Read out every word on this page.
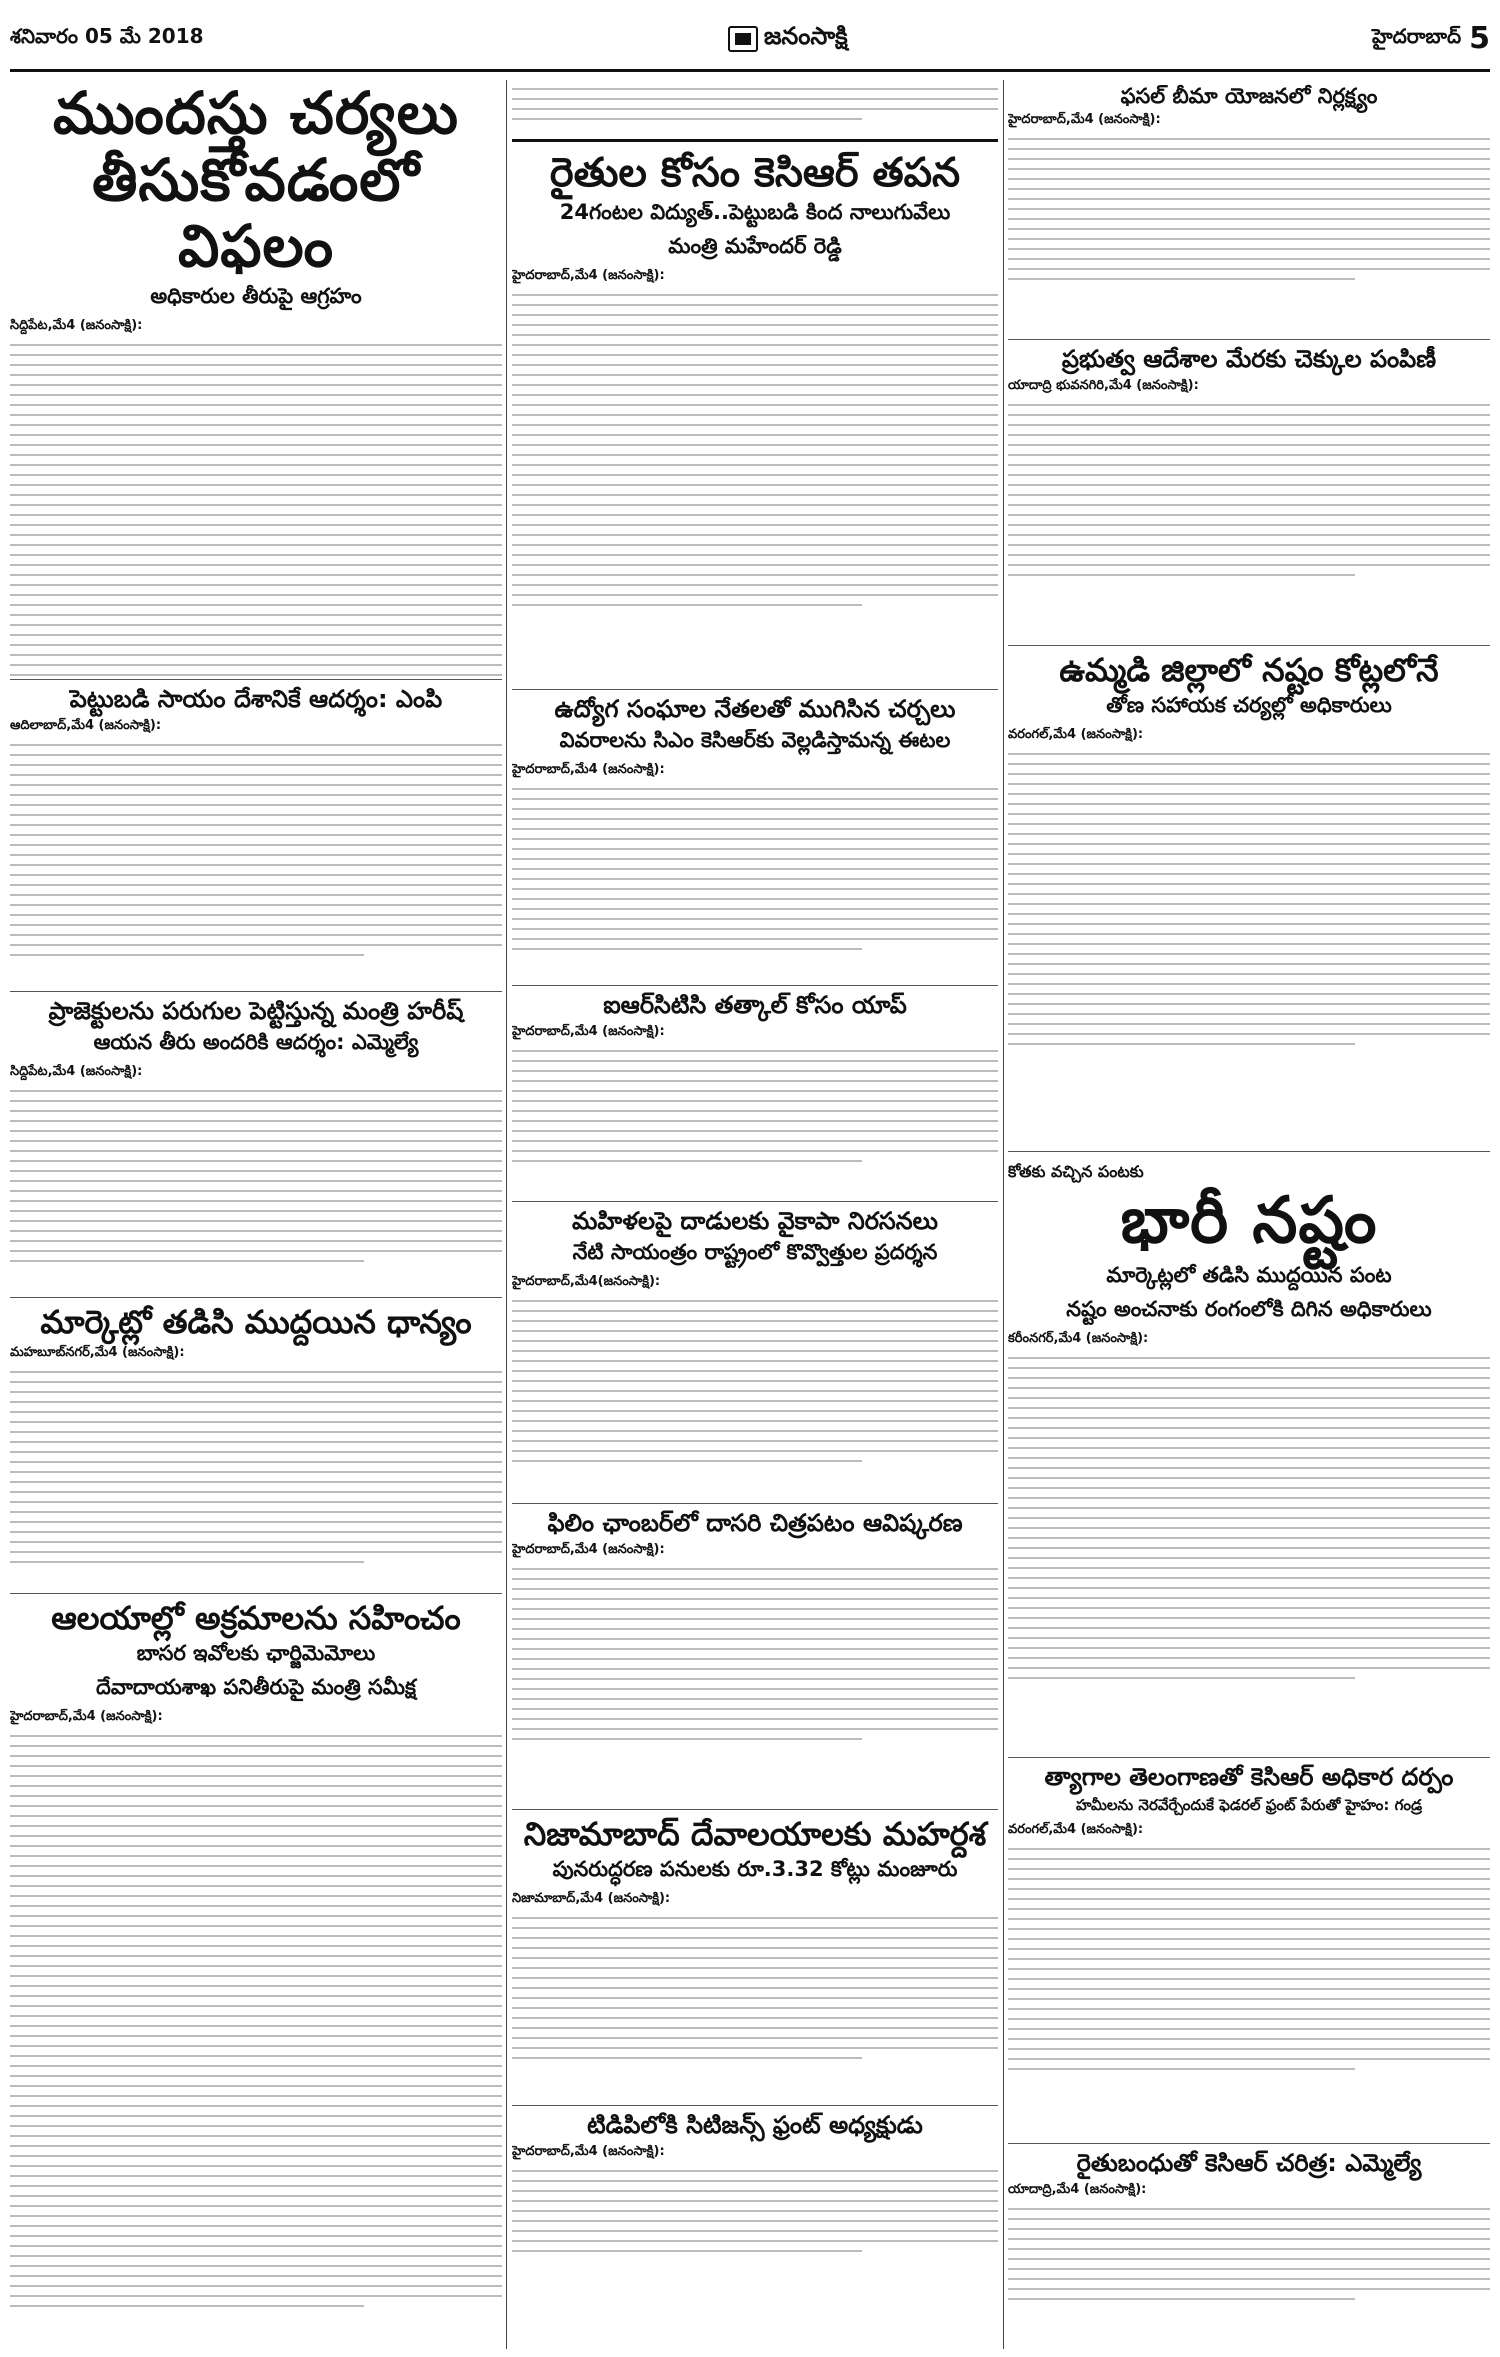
శనివారం 05 మే 2018	జనంసాక్షి	హైదరాబాద్ 5
ముందస్తు చర్యలు తీసుకోవడంలో విఫలం
అధికారుల తీరుపై ఆగ్రహం
సిద్దిపేట,మే4 (జనంసాక్షి):
పెట్టుబడి సాయం దేశానికే ఆదర్శం: ఎంపి
ఆదిలాబాద్,మే4 (జనంసాక్షి):
ప్రాజెక్టులను పరుగుల పెట్టిస్తున్న మంత్రి హరీష్‌
ఆయన తీరు అందరికి ఆదర్శం: ఎమ్మెల్యే
సిద్దిపేట,మే4 (జనంసాక్షి):
మార్కెట్లో తడిసి ముద్దయిన ధాన్యం
మహబూబ్‌నగర్‌,మే4 (జనంసాక్షి):
ఆలయాల్లో అక్రమాలను సహించం
బాసర ఇవోలకు ఛార్జిమెమోలు
దేవాదాయశాఖ పనితీరుపై మంత్రి సమీక్ష
హైదరాబాద్‌,మే4 (జనంసాక్షి):
రైతుల కోసం కెసిఆర్‌ తపన
24గంటల విద్యుత్‌..పెట్టుబడి కింద నాలుగువేలు
మంత్రి మహేందర్‌ రెడ్డి
హైదరాబాద్‌,మే4 (జనంసాక్షి):
ఉద్యోగ సంఘాల నేతలతో ముగిసిన చర్చలు
వివరాలను సిఎం కెసిఆర్‌కు వెల్లడిస్తామన్న ఈటల
హైదరాబాద్‌,మే4 (జనంసాక్షి):
ఐఆర్‌సిటిసి తత్కాల్‌ కోసం యాప్‌
హైదరాబాద్‌,మే4 (జనంసాక్షి):
మహిళలపై దాడులకు వైకాపా నిరసనలు
నేటి సాయంత్రం రాష్ట్రంలో కొవ్వొత్తుల ప్రదర్శన
హైదరాబాద్‌,మే4(జనంసాక్షి):
ఫిలిం ఛాంబర్‌లో దాసరి చిత్రపటం ఆవిష్కరణ
హైదరాబాద్‌,మే4 (జనంసాక్షి):
నిజామాబాద్‌ దేవాలయాలకు మహర్దశ
పునరుద్ధరణ పనులకు రూ.3.32 కోట్లు మంజూరు
నిజామాబాద్‌,మే4 (జనంసాక్షి):
టిడిపిలోకి సిటిజన్స్‌ ఫ్రంట్‌ అధ్యక్షుడు
హైదరాబాద్‌,మే4 (జనంసాక్షి):
ఫసల్‌ బీమా యోజనలో నిర్లక్ష్యం
హైదరాబాద్‌,మే4 (జనంసాక్షి):
ప్రభుత్వ ఆదేశాల మేరకు చెక్కుల పంపిణీ
యాదాద్రి భువనగిరి,మే4 (జనంసాక్షి):
ఉమ్మడి జిల్లాలో నష్టం కోట్లలోనే
తోణ సహాయక చర్యల్లో అధికారులు
వరంగల్‌,మే4 (జనంసాక్షి):
కోతకు వచ్చిన పంటకు
భారీ నష్టం
మార్కెట్లలో తడిసి ముద్దయిన పంట
నష్టం అంచనాకు రంగంలోకి దిగిన అధికారులు
కరీంనగర్‌,మే4 (జనంసాక్షి):
త్యాగాల తెలంగాణతో కెసిఆర్‌ అధికార దర్పం
హమీలను నెరవేర్చేందుకే ఫెడరల్‌ ఫ్రంట్‌ పేరుతో హైహం: గండ్ర
వరంగల్‌,మే4 (జనంసాక్షి):
రైతుబంధుతో కెసిఆర్‌ చరిత్ర: ఎమ్మెల్యే
యాదాద్రి,మే4 (జనంసాక్షి):
